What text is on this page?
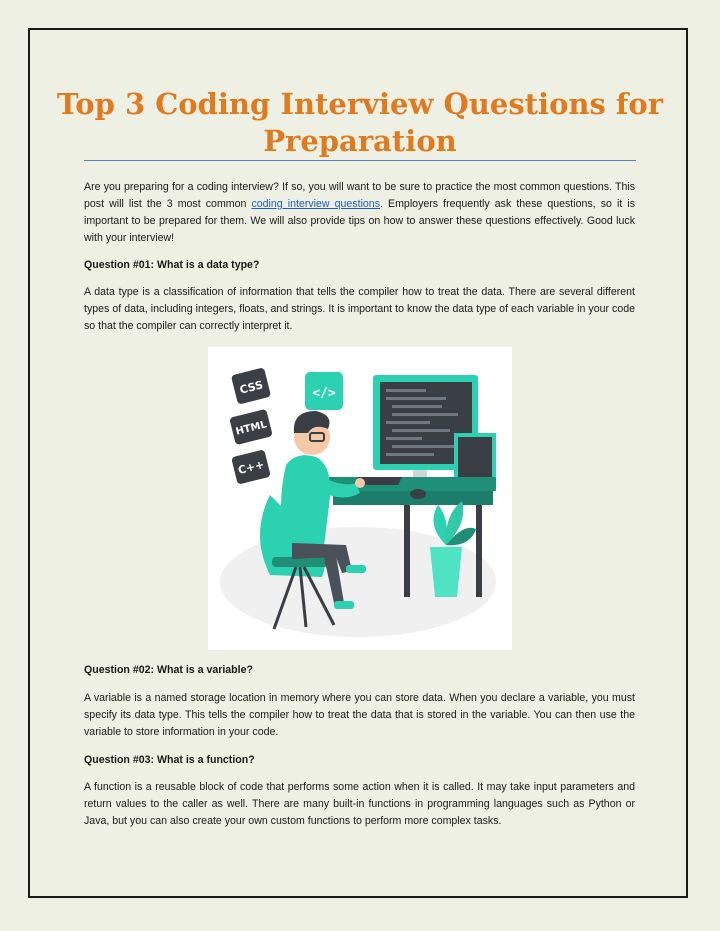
Top 3 Coding Interview Questions for
Preparation

Are you preparing for a coding interview? If so, you will want to be sure to practice the most common questions. This post will list the 3 most common coding interview questions. Employers frequently ask these questions, so it is important to be prepared for them. We will also provide tips on how to answer these questions effectively. Good luck with your interview!

Question #01: What is a data type?

A data type is a classification of information that tells the compiler how to treat the data. There are several different types of data, including integers, floats, and strings. It is important to know the data type of each variable in your code so that the compiler can correctly interpret it.

</>
CSS
HTML
C++

Question #02: What is a variable?

A variable is a named storage location in memory where you can store data. When you declare a variable, you must specify its data type. This tells the compiler how to treat the data that is stored in the variable. You can then use the variable to store information in your code.

Question #03: What is a function?

A function is a reusable block of code that performs some action when it is called. It may take input parameters and return values to the caller as well. There are many built-in functions in programming languages such as Python or Java, but you can also create your own custom functions to perform more complex tasks.
